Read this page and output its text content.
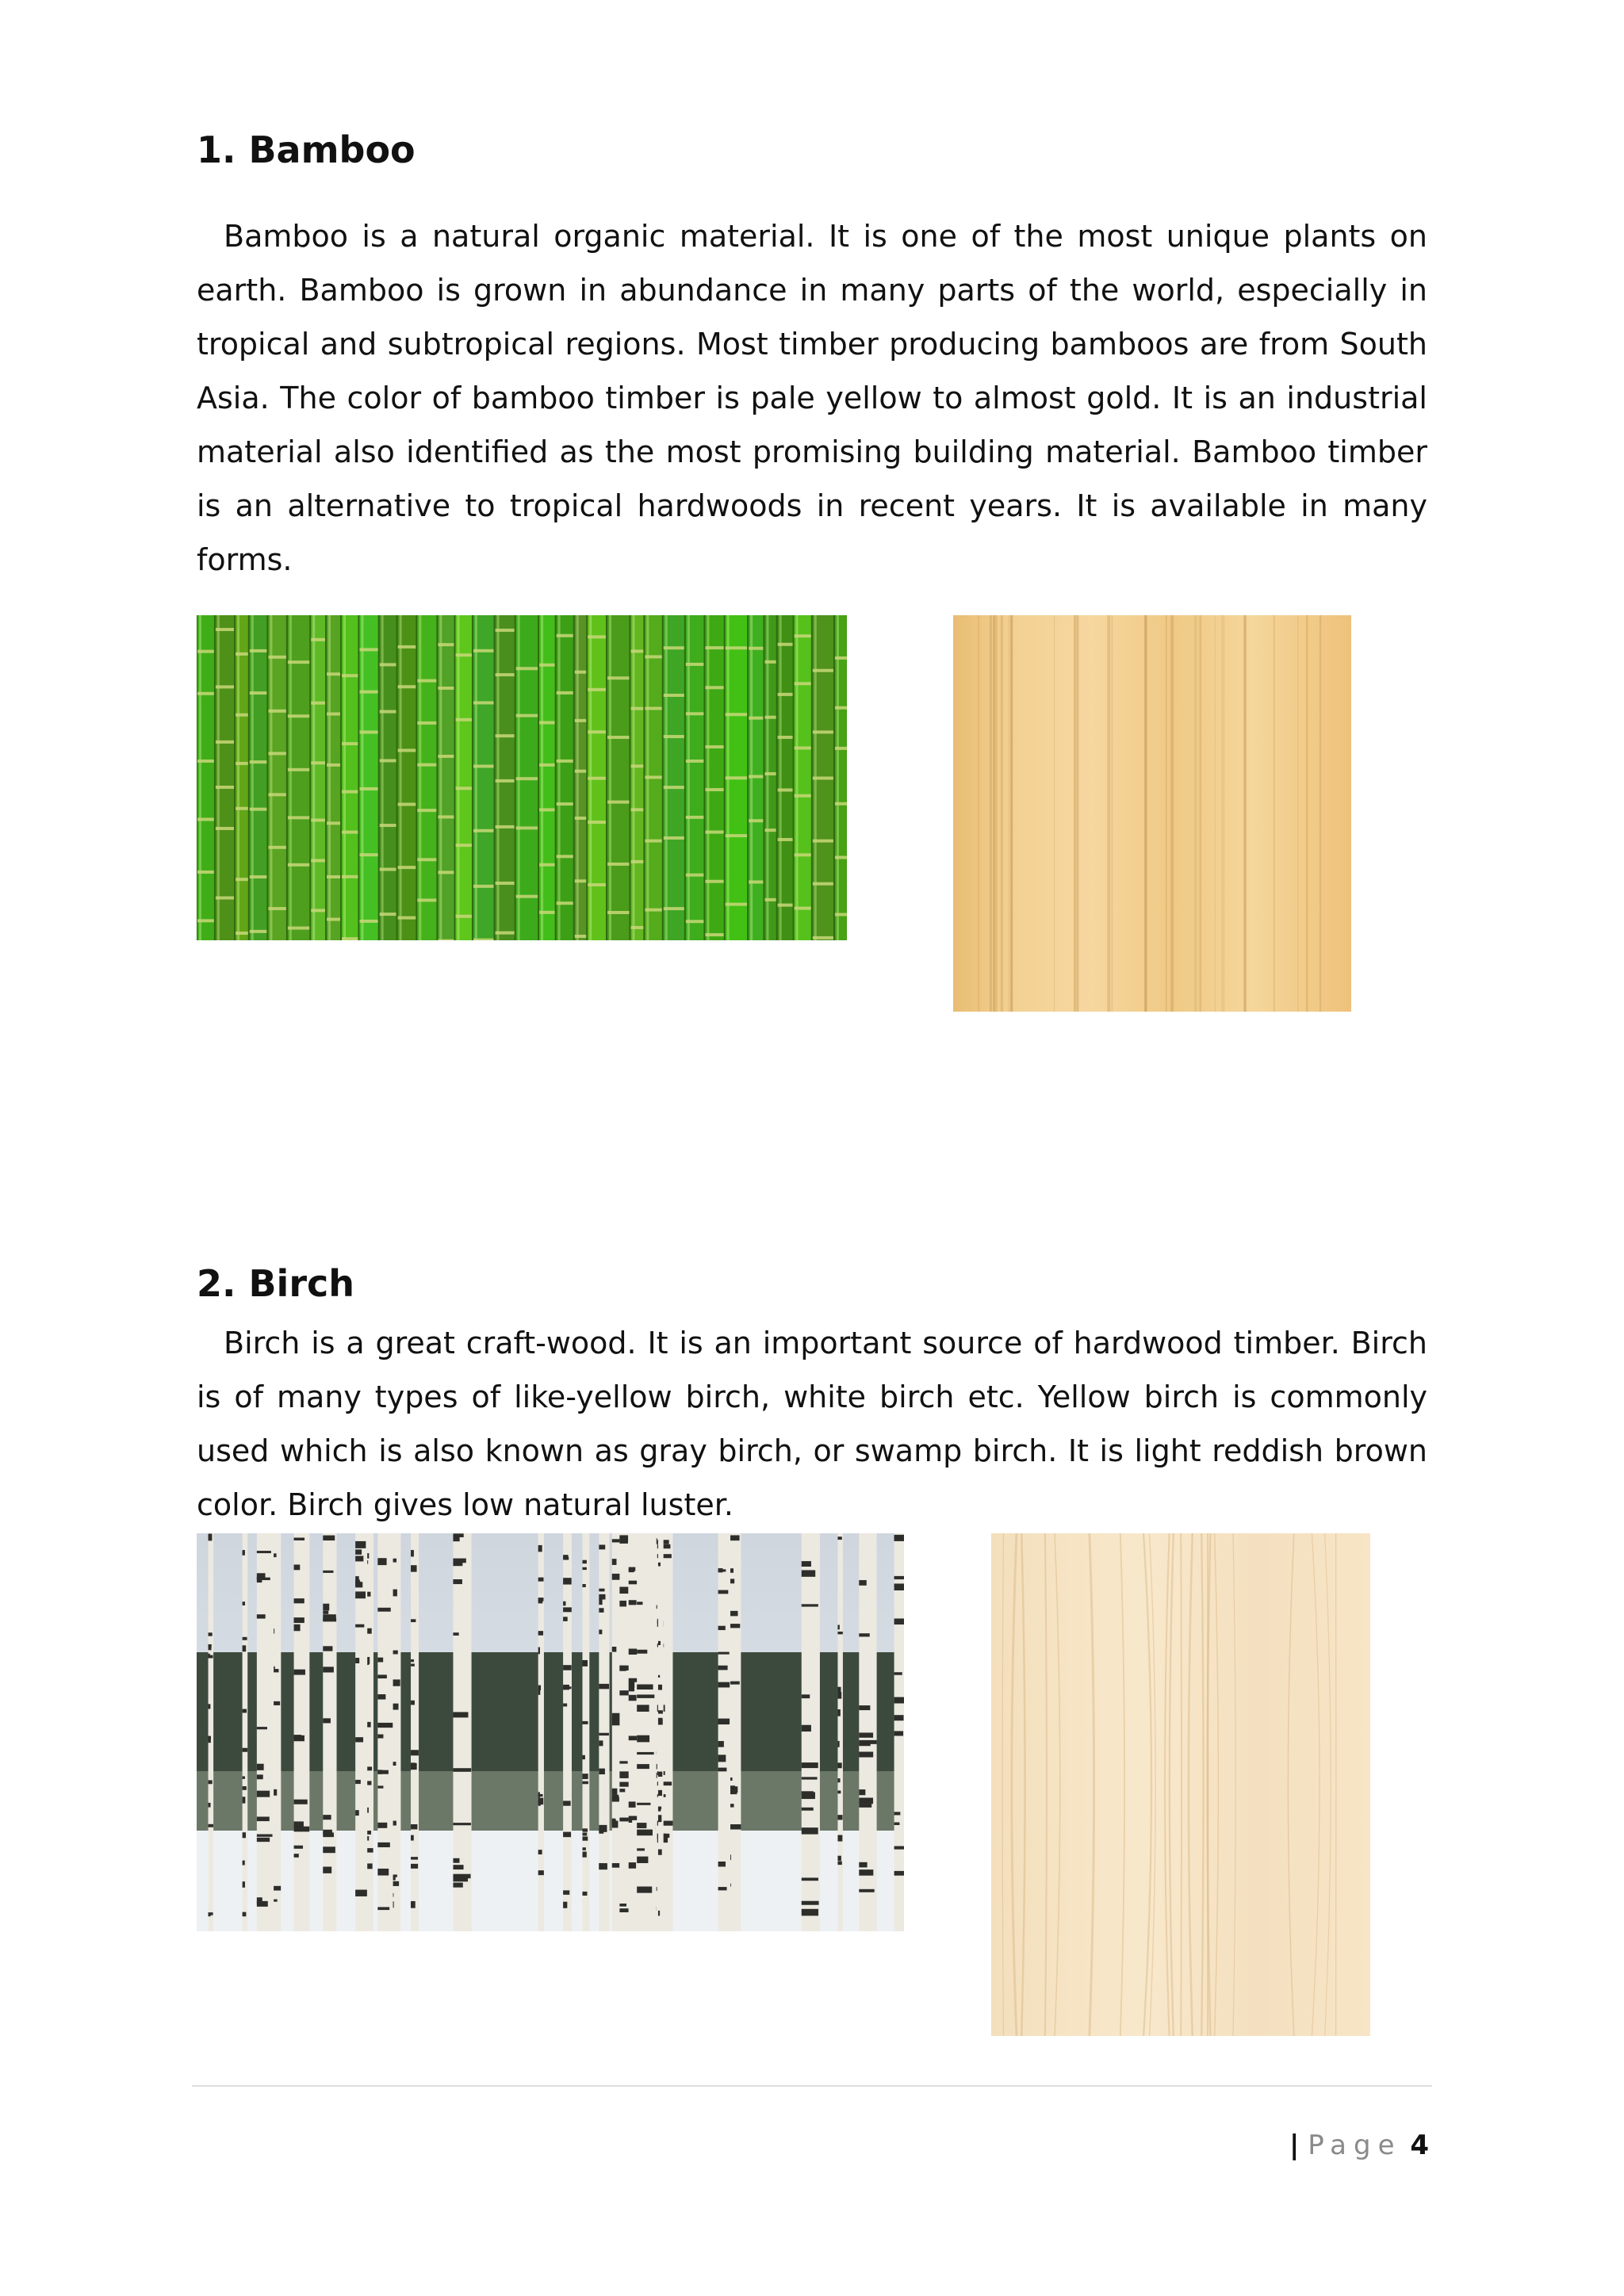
1. Bamboo

Bamboo is a natural organic material. It is one of the most unique plants on earth. Bamboo is grown in abundance in many parts of the world, especially in tropical and subtropical regions. Most timber producing bamboos are from South Asia. The color of bamboo timber is pale yellow to almost gold. It is an industrial material also identified as the most promising building material. Bamboo timber is an alternative to tropical hardwoods in recent years. It is available in many forms.

2. Birch

Birch is a great craft-wood. It is an important source of hardwood timber. Birch is of many types of like-yellow birch, white birch etc. Yellow birch is commonly used which is also known as gray birch, or swamp birch. It is light reddish brown color. Birch gives low natural luster.

| Page 4
